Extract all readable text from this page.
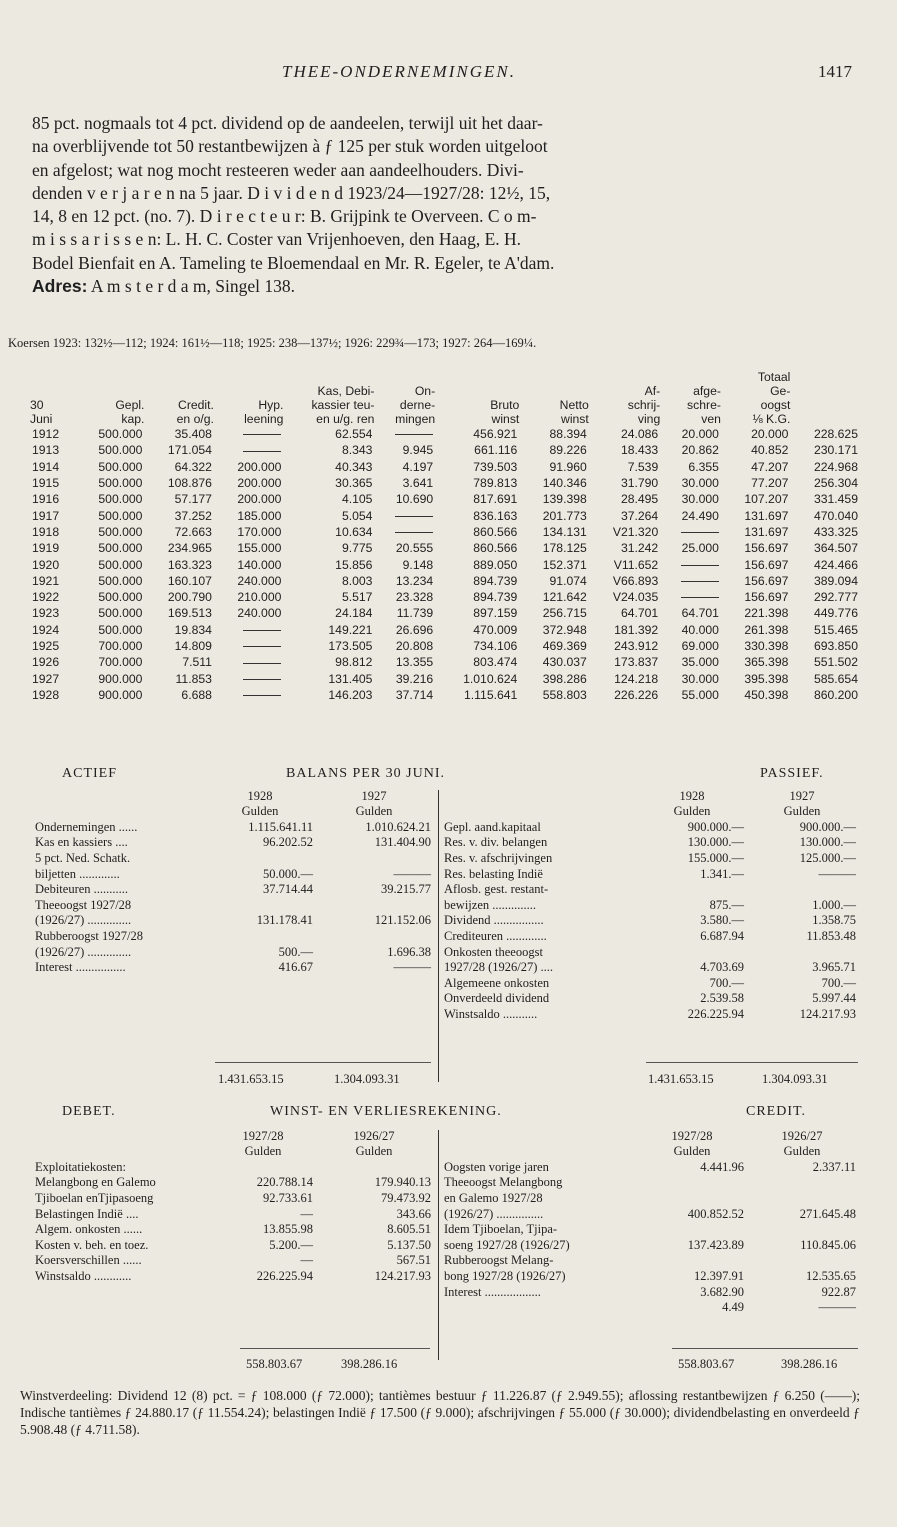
THEE-ONDERNEMINGEN.	1417

85 pct. nogmaals tot 4 pct. dividend op de aandeelen, terwijl uit het daar-

na overblijvende tot 50 restantbewijzen à ƒ 125 per stuk worden uitgeloot

en afgelost; wat nog mocht resteeren weder aan aandeelhouders. Divi-

denden v e r j a r e n na 5 jaar. D i v i d e n d 1923/24—1927/28: 12½, 15,

14, 8 en 12 pct. (no. 7). D i r e c t e u r: B. Grijpink te Overveen. C o m-

m i s s a r i s s e n: L. H. C. Coster van Vrijenhoeven, den Haag, E. H.

Bodel Bienfait en A. Tameling te Bloemendaal en Mr. R. Egeler, te A'dam.

Adres: A m s t e r d a m, Singel 138.

Koersen 1923: 132½—112; 1924: 161½—118; 1925: 238—137½; 1926: 229¾—173; 1927: 264—169¼.
										Totaal	
				Kas, Debi-	On-			Af-	afge-	Ge-	
30	Gepl.	Credit.	Hyp.	kassier teu-	derne-	Bruto	Netto	schrij-	schre-	oogst	
Juni	kap.	en o/g.	leening	en u/g. ren	mingen	winst	winst	ving	ven	⅛ K.G.	
1912	500.000	35.408		62.554		456.921	88.394	24.086	20.000	20.000	228.625
1913	500.000	171.054		8.343	9.945	661.116	89.226	18.433	20.862	40.852	230.171
1914	500.000	64.322	200.000	40.343	4.197	739.503	91.960	7.539	6.355	47.207	224.968
1915	500.000	108.876	200.000	30.365	3.641	789.813	140.346	31.790	30.000	77.207	256.304
1916	500.000	57.177	200.000	4.105	10.690	817.691	139.398	28.495	30.000	107.207	331.459
1917	500.000	37.252	185.000	5.054		836.163	201.773	37.264	24.490	131.697	470.040
1918	500.000	72.663	170.000	10.634		860.566	134.131	V21.320		131.697	433.325
1919	500.000	234.965	155.000	9.775	20.555	860.566	178.125	31.242	25.000	156.697	364.507
1920	500.000	163.323	140.000	15.856	9.148	889.050	152.371	V11.652		156.697	424.466
1921	500.000	160.107	240.000	8.003	13.234	894.739	91.074	V66.893		156.697	389.094
1922	500.000	200.790	210.000	5.517	23.328	894.739	121.642	V24.035		156.697	292.777
1923	500.000	169.513	240.000	24.184	11.739	897.159	256.715	64.701	64.701	221.398	449.776
1924	500.000	19.834		149.221	26.696	470.009	372.948	181.392	40.000	261.398	515.465
1925	700.000	14.809		173.505	20.808	734.106	469.369	243.912	69.000	330.398	693.850
1926	700.000	7.511		98.812	13.355	803.474	430.037	173.837	35.000	365.398	551.502
1927	900.000	11.853		131.405	39.216	1.010.624	398.286	124.218	30.000	395.398	585.654
1928	900.000	6.688		146.203	37.714	1.115.641	558.803	226.226	55.000	450.398	860.200
ACTIEF	BALANS PER 30 JUNI.	PASSIEF.
	1928	1927
	Gulden	Gulden
Ondernemingen ......	1.115.641.11	1.010.624.21
Kas en kassiers ....	96.202.52	131.404.90
5 pct. Ned. Schatk.		
biljetten .............	50.000.—	———
Debiteuren ...........	37.714.44	39.215.77
Theeoogst 1927/28		
(1926/27) ..............	131.178.41	121.152.06
Rubberoogst 1927/28		
(1926/27) ..............	500.—	1.696.38
Interest ................	416.67	———
	1928	1927
	Gulden	Gulden
Gepl. aand.kapitaal	900.000.—	900.000.—
Res. v. div. belangen	130.000.—	130.000.—
Res. v. afschrijvingen	155.000.—	125.000.—
Res. belasting Indië	1.341.—	———
Aflosb. gest. restant-		
bewijzen ..............	875.—	1.000.—
Dividend ................	3.580.—	1.358.75
Crediteuren .............	6.687.94	11.853.48
Onkosten theeoogst		
1927/28 (1926/27) ....	4.703.69	3.965.71
Algemeene onkosten	700.—	700.—
Onverdeeld dividend	2.539.58	5.997.44
Winstsaldo ...........	226.225.94	124.217.93
1.431.653.15	1.304.093.31	1.431.653.15	1.304.093.31
DEBET.	WINST- EN VERLIESREKENING.	CREDIT.
	1927/28	1926/27
	Gulden	Gulden
Exploitatiekosten:		
Melangbong en Galemo	220.788.14	179.940.13
Tjiboelan enTjipasoeng	92.733.61	79.473.92
Belastingen Indië ....	—	343.66
Algem. onkosten ......	13.855.98	8.605.51
Kosten v. beh. en toez.	5.200.—	5.137.50
Koersverschillen ......	—	567.51
Winstsaldo ............	226.225.94	124.217.93
	1927/28	1926/27
	Gulden	Gulden
Oogsten vorige jaren	4.441.96	2.337.11
Theeoogst Melangbong		
en Galemo 1927/28		
(1926/27) ...............	400.852.52	271.645.48
Idem Tjiboelan, Tjipa-		
soeng 1927/28 (1926/27)	137.423.89	110.845.06
Rubberoogst Melang-		
bong 1927/28 (1926/27)	12.397.91	12.535.65
Interest ..................	3.682.90	922.87
	4.49	———
558.803.67	398.286.16	558.803.67	398.286.16
Winstverdeeling: Dividend 12 (8) pct. = ƒ 108.000 (ƒ 72.000); tantièmes bestuur ƒ 11.226.87 (ƒ 2.949.55); aflossing restantbewijzen ƒ 6.250 (——); Indische tantièmes ƒ 24.880.17 (ƒ 11.554.24); belastingen Indië ƒ 17.500 (ƒ 9.000); afschrijvingen ƒ 55.000 (ƒ 30.000); dividendbelasting en onverdeeld ƒ 5.908.48 (ƒ 4.711.58).
